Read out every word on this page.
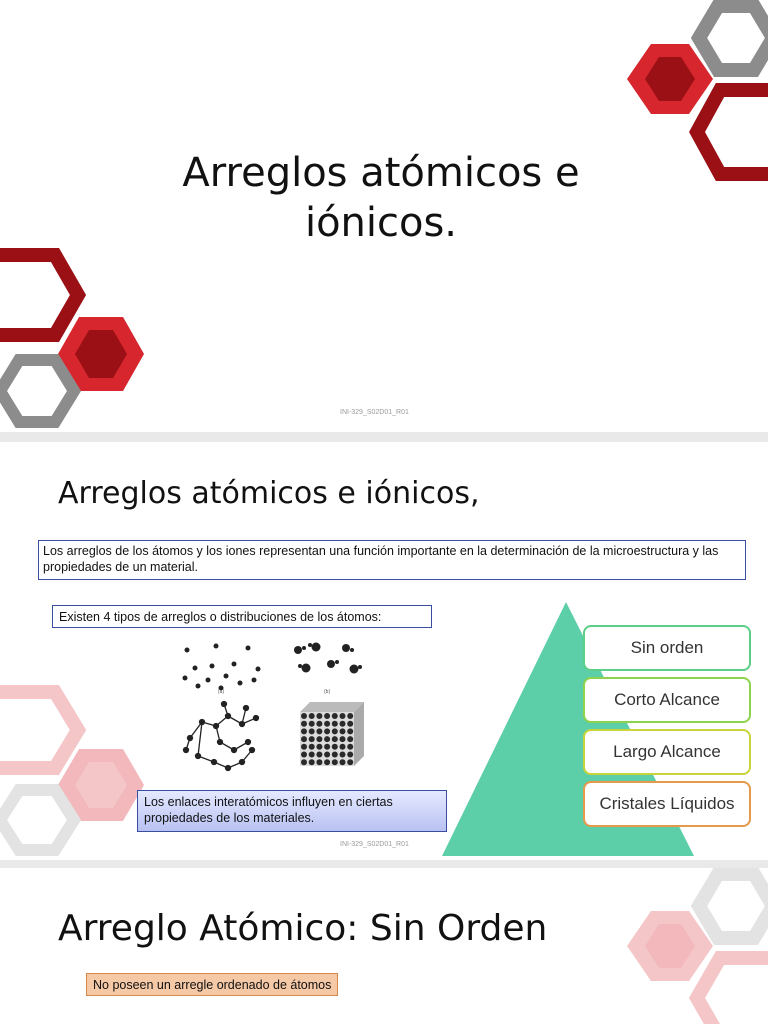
Arreglos atómicos e
iónicos.
INI-329_S02D01_R01
Arreglos atómicos e iónicos,
Los arreglos de los átomos y los iones representan una función importante en la determinación de la microestructura y las propiedades de un material.
Existen 4 tipos de arreglos o distribuciones de los átomos:
(a)	(b)
Los enlaces interatómicos influyen en ciertas propiedades de los materiales.
INI-329_S02D01_R01
Sin orden
Corto Alcance
Largo Alcance
Cristales Líquidos
Arreglo Atómico: Sin Orden
No poseen un arregle ordenado de átomos
